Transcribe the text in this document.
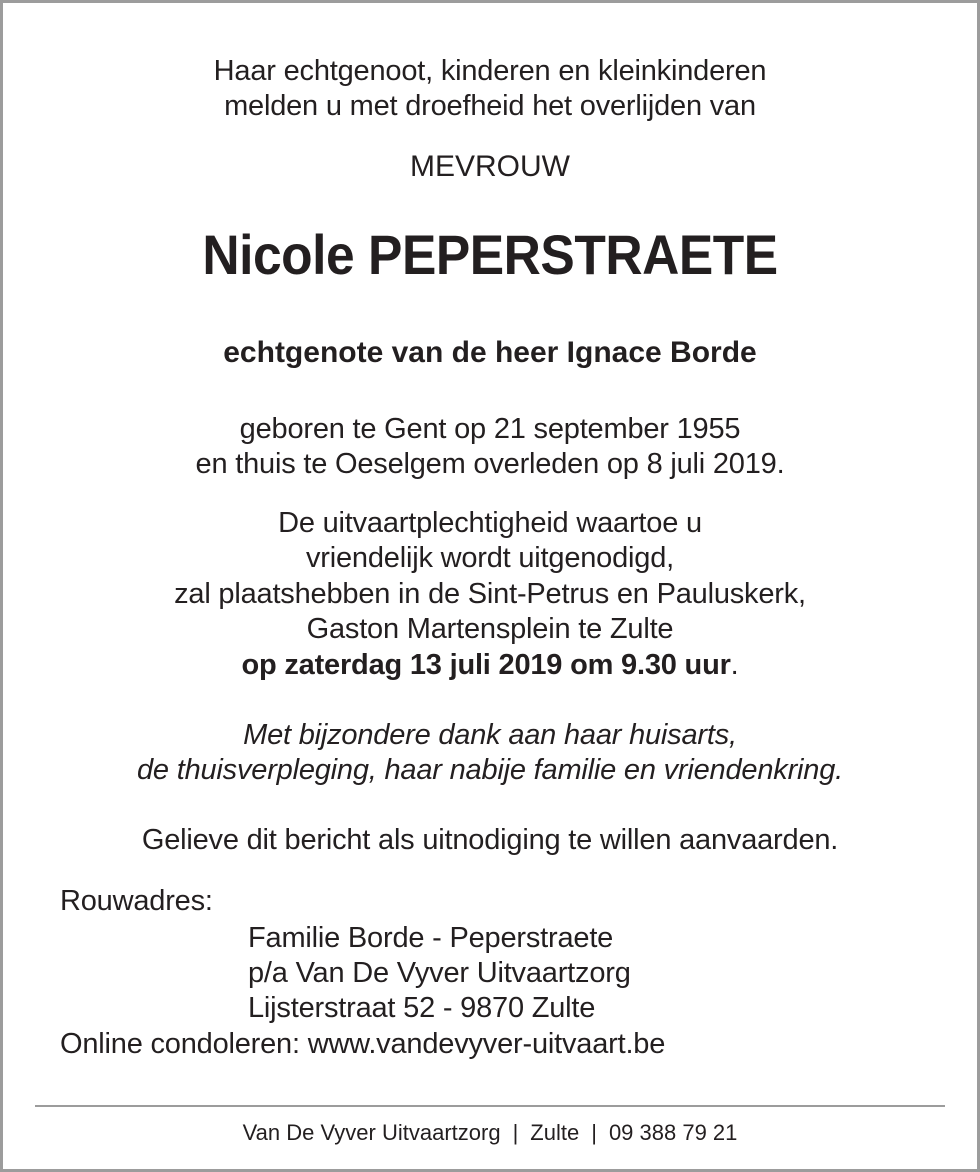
Haar echtgenoot, kinderen en kleinkinderen
melden u met droefheid het overlijden van
MEVROUW
Nicole PEPERSTRAETE
echtgenote van de heer Ignace Borde
geboren te Gent op 21 september 1955
en thuis te Oeselgem overleden op 8 juli 2019.
De uitvaartplechtigheid waartoe u
vriendelijk wordt uitgenodigd,
zal plaatshebben in de Sint-Petrus en Pauluskerk,
Gaston Martensplein te Zulte
op zaterdag 13 juli 2019 om 9.30 uur.
Met bijzondere dank aan haar huisarts,
de thuisverpleging, haar nabije familie en vriendenkring.
Gelieve dit bericht als uitnodiging te willen aanvaarden.
Rouwadres:
Familie Borde - Peperstraete
p/a Van De Vyver Uitvaartzorg
Lijsterstraat 52 - 9870 Zulte
Online condoleren: www.vandevyver-uitvaart.be
Van De Vyver Uitvaartzorg | Zulte | 09 388 79 21
